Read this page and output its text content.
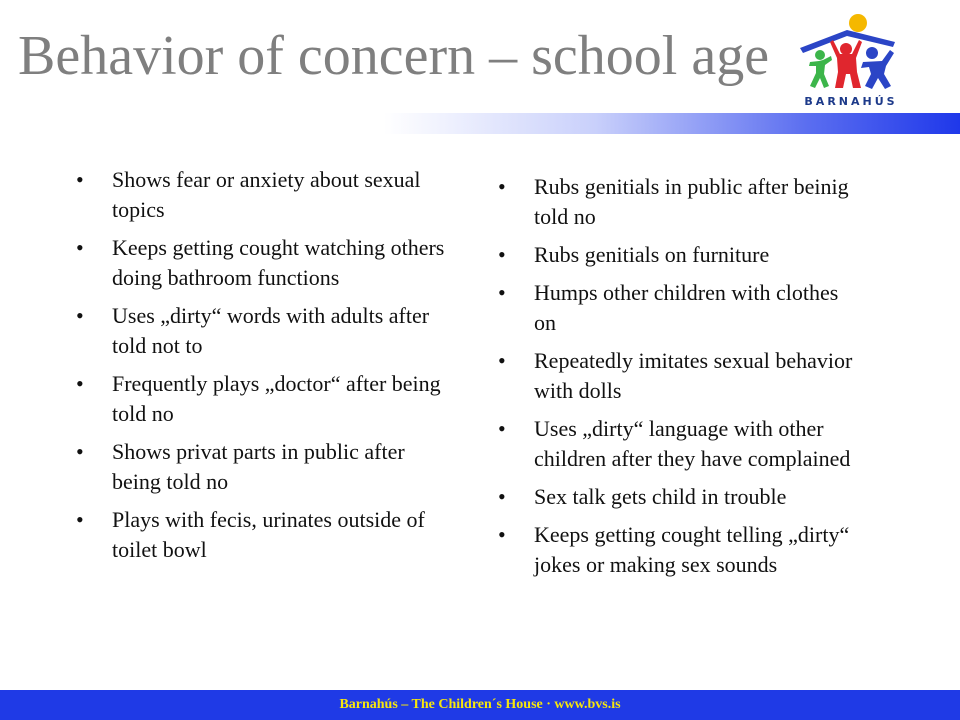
Behavior of concern – school age
BARNAHÚS
• Shows fear or anxiety about sexual topics
• Keeps getting cought watching others doing bathroom functions
• Uses „dirty“ words with adults after told not to
• Frequently plays „doctor“ after being told no
• Shows privat parts in public after being told no
• Plays with fecis, urinates outside of toilet bowl
• Rubs genitials in public after beinig told no
• Rubs genitials on furniture
• Humps other children with clothes on
• Repeatedly imitates sexual behavior with dolls
• Uses „dirty“ language with other children after they have complained
• Sex talk gets child in trouble
• Keeps getting cought telling „dirty“ jokes or making sex sounds
Barnahús – The Children´s House · www.bvs.is
